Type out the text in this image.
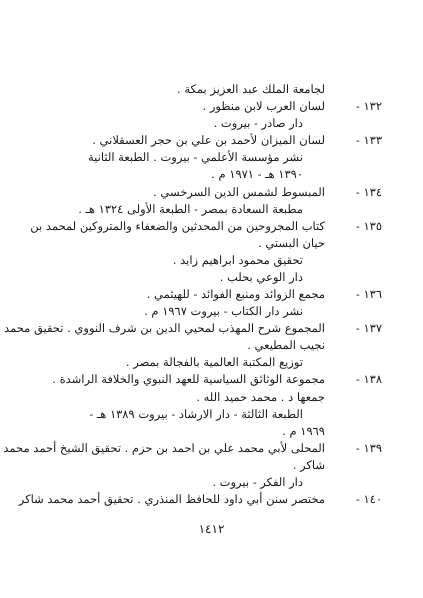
لجامعة الملك عبد العزيز بمكة .
١٣٢ -
لسان العرب لابن منظور .
دار صادر - بيروت .
١٣٣ -
لسان الميزان لأحمد بن علي بن حجر العسقلاني .
نشر مؤسسة الأعلمي - بيروت . الطبعة الثانية
١٣٩٠ هـ - ١٩٧١ م .
١٣٤ -
المبسوط لشمس الدين السرخسي .
مطبعة السعادة بمصر - الطبعة الأولى ١٣٢٤ هـ .
١٣٥ -
كتاب المجروحين من المحدثين والضعفاء والمتروكين لمحمد بن
حيان البستي .
تحقيق محمود ابراهيم زايد .
دار الوعي بحلب .
١٣٦ -
مجمع الزوائد ومنبع الفوائد - للهيثمي .
نشر دار الكتاب - بيروت ١٩٦٧ م .
١٣٧ -
المجموع شرح المهذب لمحيي الدين بن شرف النووي . تحقيق محمد
نجيب المطيعي .
توزيع المكتبة العالمية بالفجالة بمصر .
١٣٨ -
مجموعة الوثائق السياسية للعهد النبوي والخلافة الراشدة .
جمعها د . محمد حميد الله .
الطبعة الثالثة - دار الارشاد - بيروت ١٣٨٩ هـ -
١٩٦٩ م .
١٣٩ -
المحلى لأبي محمد علي بن احمد بن حزم . تحقيق الشيخ أحمد محمد
شاكر .
دار الفكر - بيروت .
١٤٠ -
مختصر سنن أبي داود للحافظ المنذري . تحقيق أحمد محمد شاكر
١٤١٢
